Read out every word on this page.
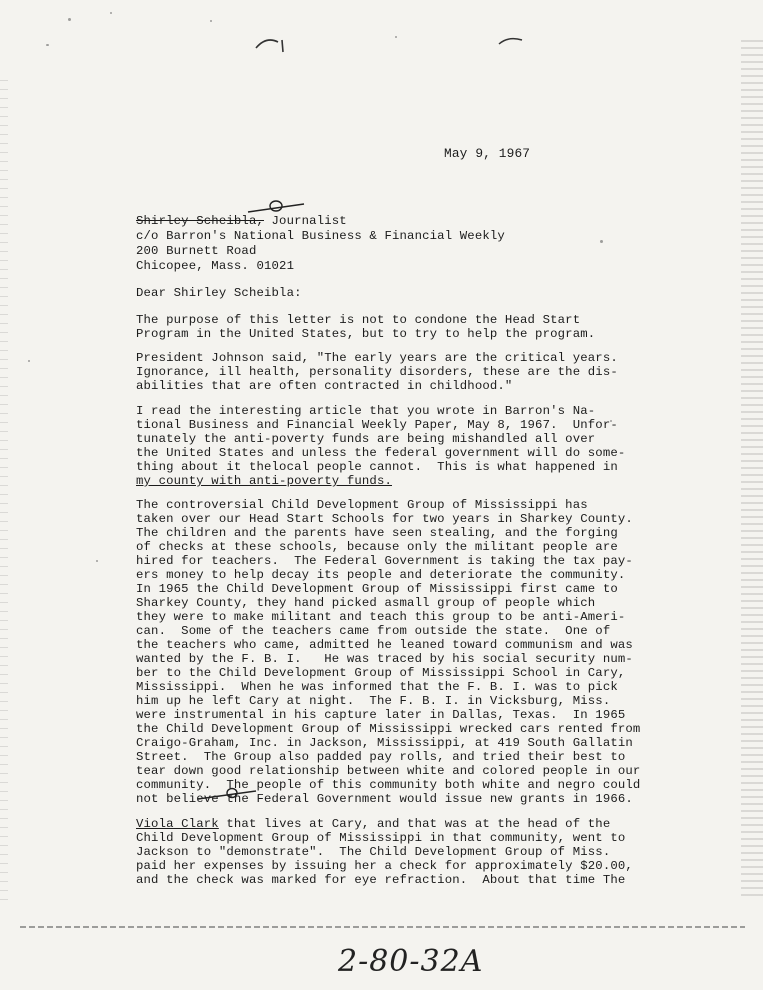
May 9, 1967
Shirley Scheibla, Journalist
c/o Barron's National Business & Financial Weekly
200 Burnett Road
Chicopee, Mass. 01021
Dear Shirley Scheibla:
The purpose of this letter is not to condone the Head Start
Program in the United States, but to try to help the program.
President Johnson said, "The early years are the critical years.
Ignorance, ill health, personality disorders, these are the dis-
abilities that are often contracted in childhood."
I read the interesting article that you wrote in Barron's Na-
tional Business and Financial Weekly Paper, May 8, 1967.  Unfor-
tunately the anti-poverty funds are being mishandled all over
the United States and unless the federal government will do some-
thing about it thelocal people cannot.  This is what happened in
my county with anti-poverty funds.
The controversial Child Development Group of Mississippi has
taken over our Head Start Schools for two years in Sharkey County.
The children and the parents have seen stealing, and the forging
of checks at these schools, because only the militant people are
hired for teachers.  The Federal Government is taking the tax pay-
ers money to help decay its people and deteriorate the community.
In 1965 the Child Development Group of Mississippi first came to
Sharkey County, they hand picked asmall group of people which
they were to make militant and teach this group to be anti-Ameri-
can.  Some of the teachers came from outside the state.  One of
the teachers who came, admitted he leaned toward communism and was
wanted by the F. B. I.   He was traced by his social security num-
ber to the Child Development Group of Mississippi School in Cary,
Mississippi.  When he was informed that the F. B. I. was to pick
him up he left Cary at night.  The F. B. I. in Vicksburg, Miss.
were instrumental in his capture later in Dallas, Texas.  In 1965
the Child Development Group of Mississippi wrecked cars rented from
Craigo-Graham, Inc. in Jackson, Mississippi, at 419 South Gallatin
Street.  The Group also padded pay rolls, and tried their best to
tear down good relationship between white and colored people in our
community.  The people of this community both white and negro could
not believe the Federal Government would issue new grants in 1966.
Viola Clark that lives at Cary, and that was at the head of the
Child Development Group of Mississippi in that community, went to
Jackson to "demonstrate".  The Child Development Group of Miss.
paid her expenses by issuing her a check for approximately $20.00,
and the check was marked for eye refraction.  About that time The
2-80-32A
